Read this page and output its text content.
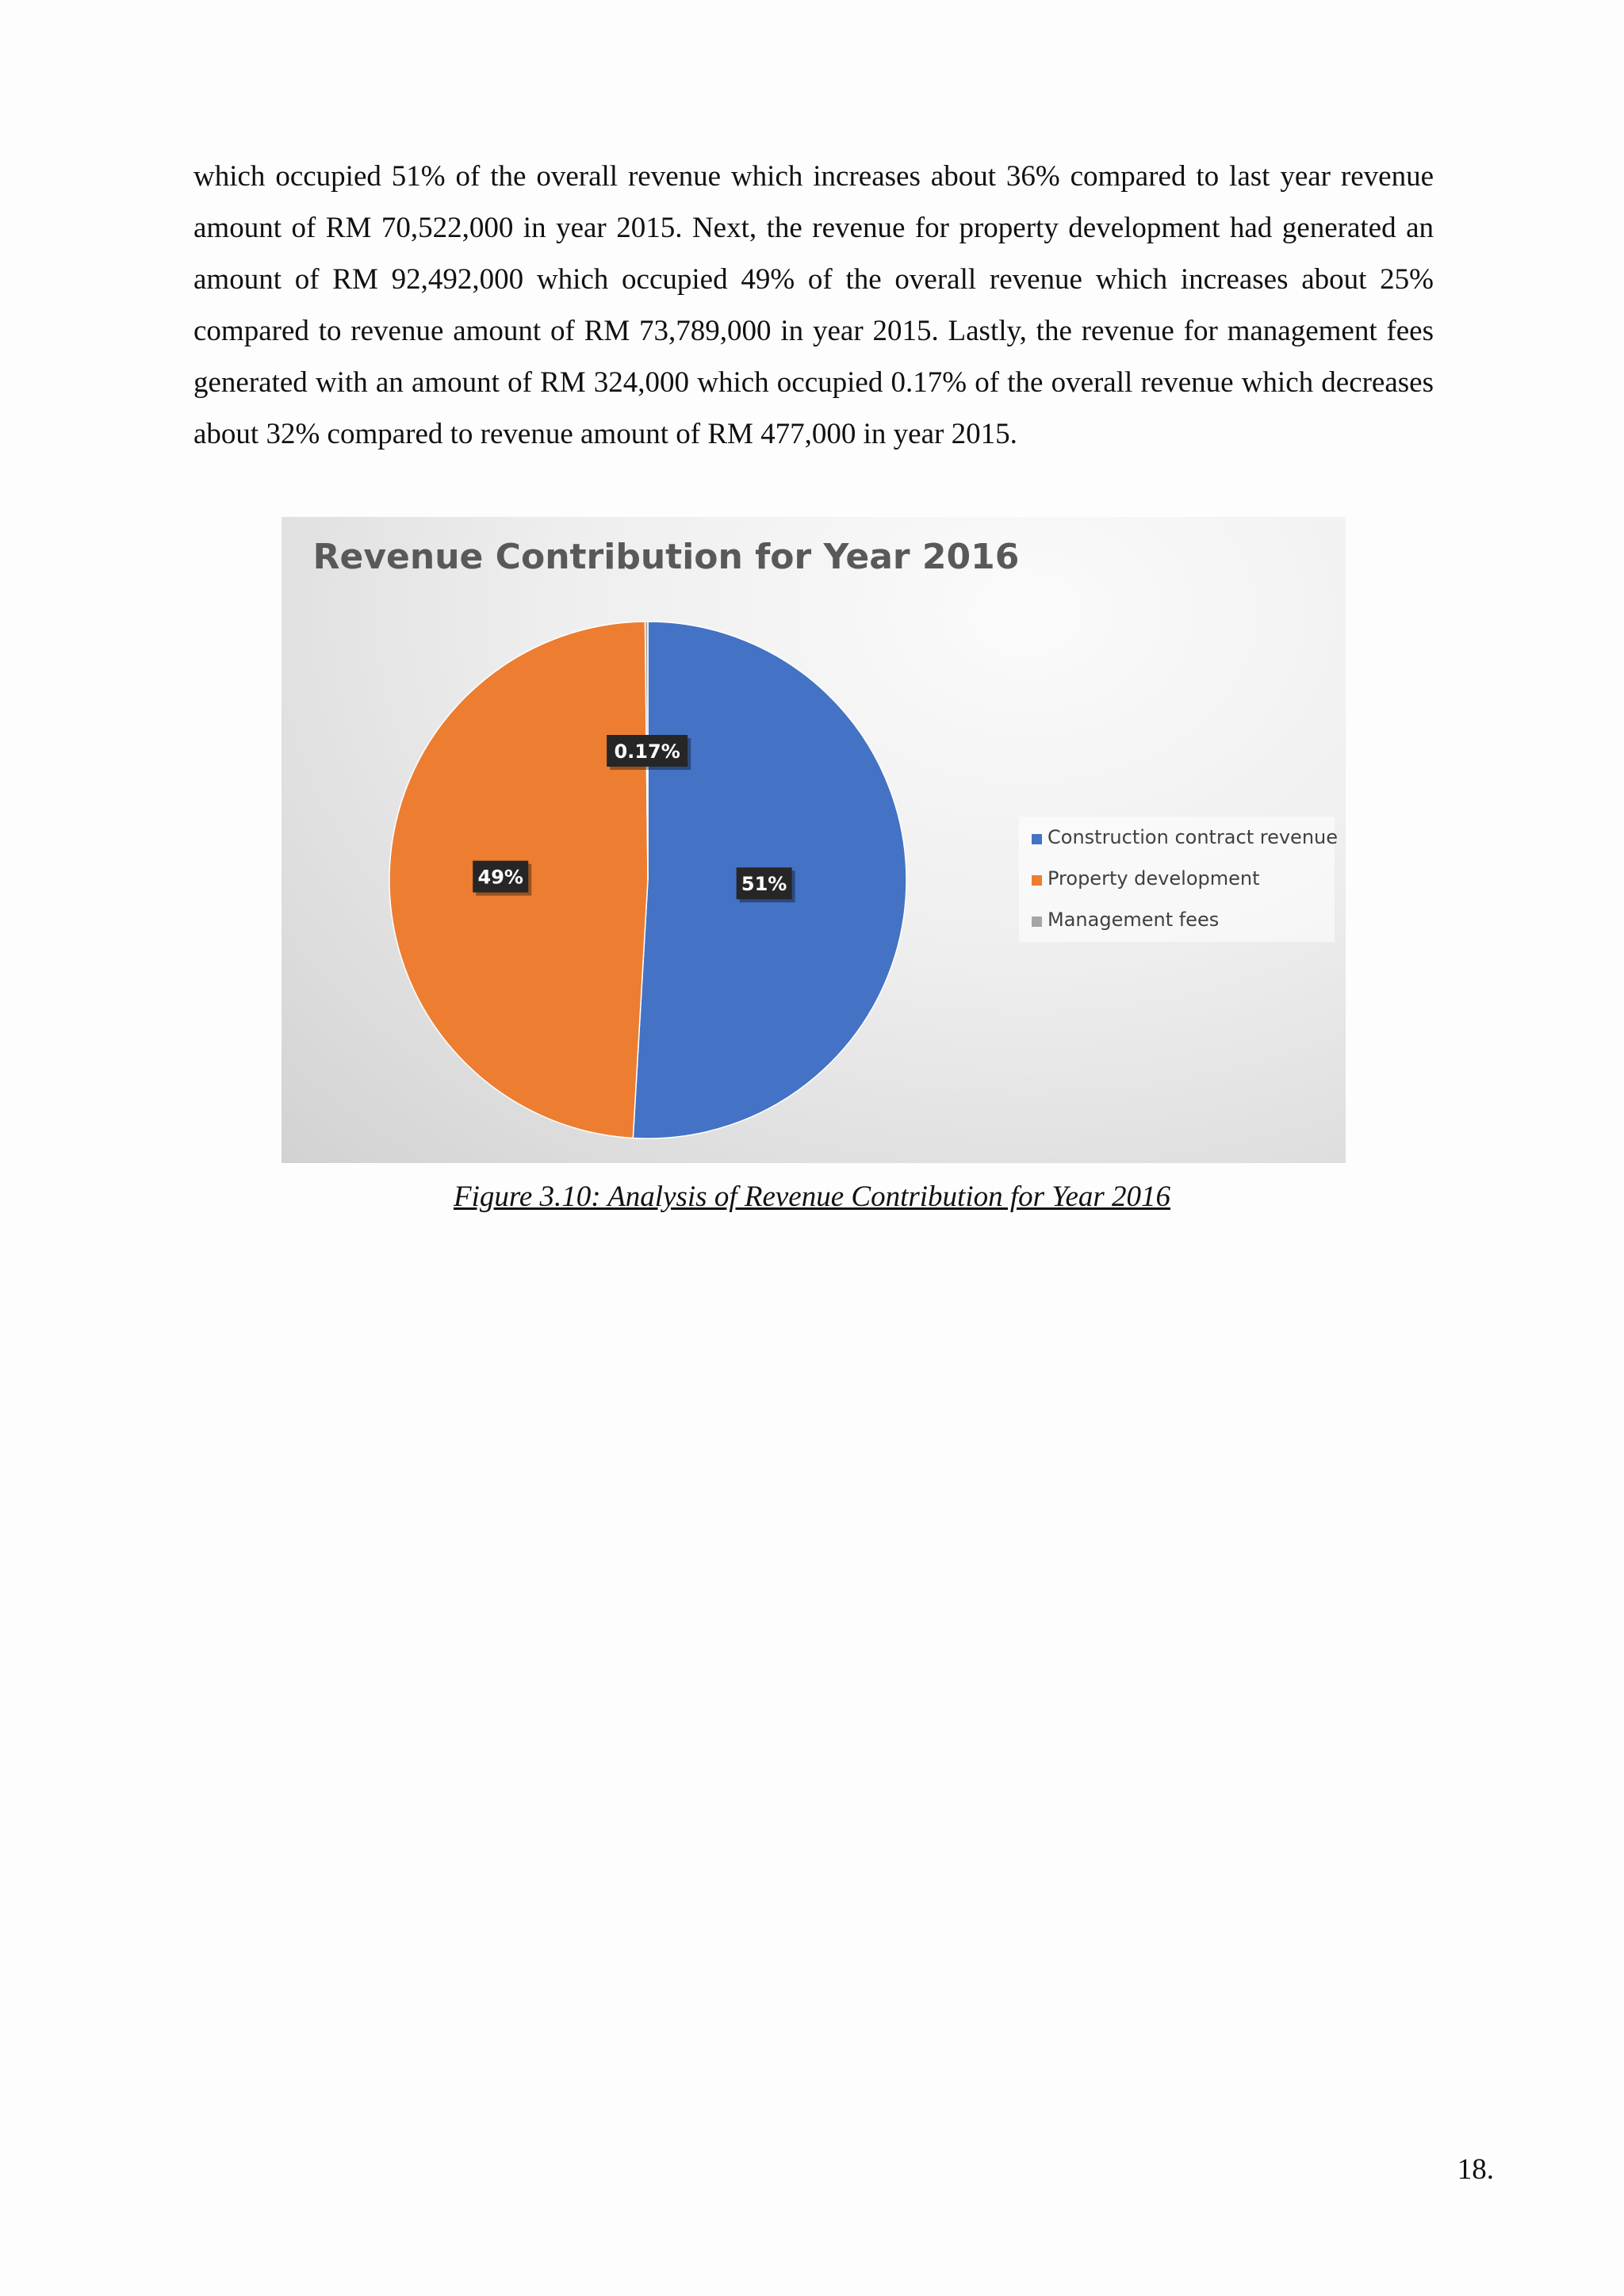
which occupied 51% of the overall revenue which increases about 36% compared to last year revenue amount of RM 70,522,000 in year 2015. Next, the revenue for property development had generated an amount of RM 92,492,000 which occupied 49% of the overall revenue which increases about 25% compared to revenue amount of RM 73,789,000 in year 2015. Lastly, the revenue for management fees generated with an amount of RM 324,000 which occupied 0.17% of the overall revenue which decreases about 32% compared to revenue amount of RM 477,000 in year 2015.

Revenue Contribution for Year 2016
51%
49%
0.17%
Construction contract revenue
Property development
Management fees

Figure 3.10: Analysis of Revenue Contribution for Year 2016

18.
